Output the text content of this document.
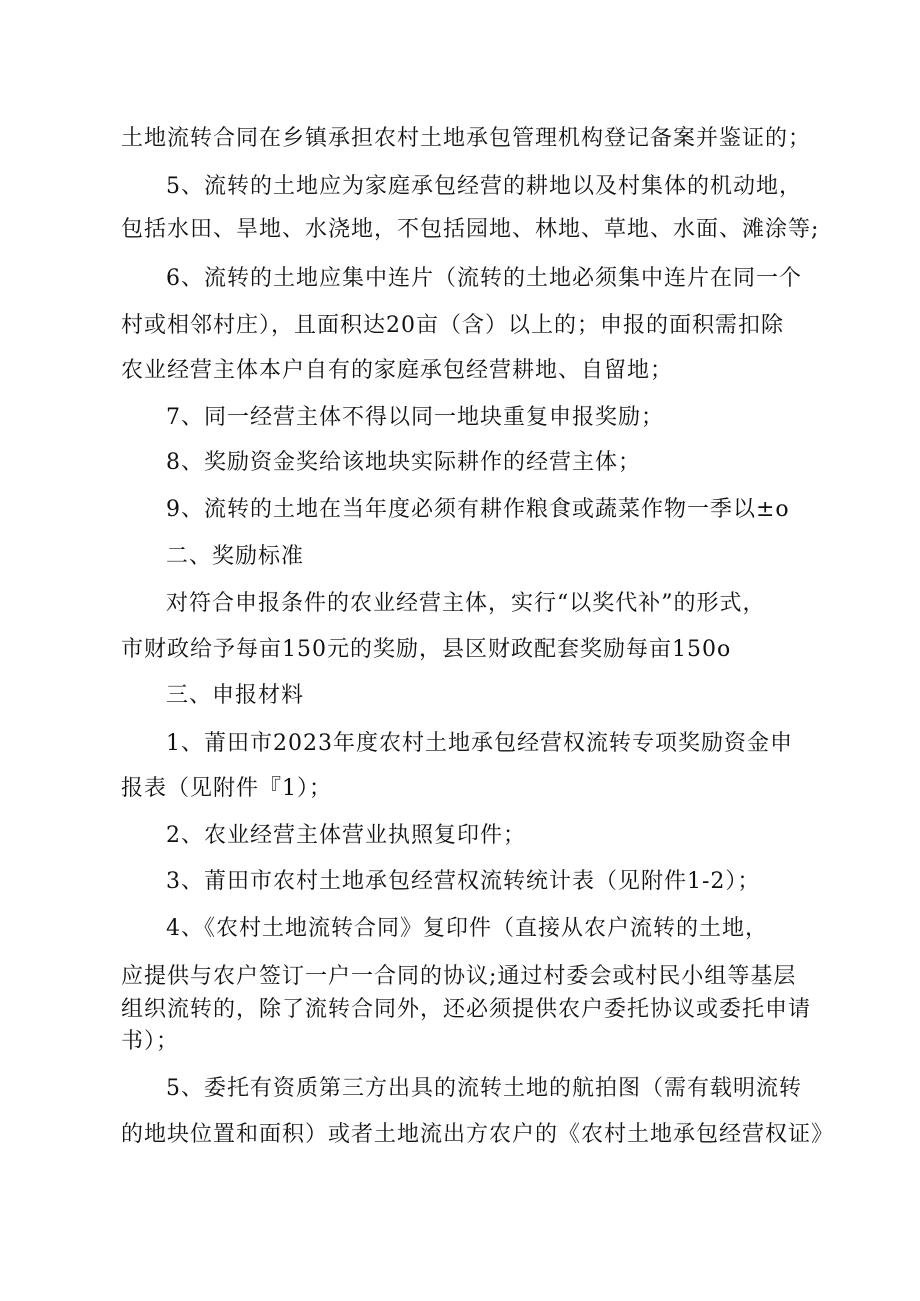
土地流转合同在乡镇承担农村土地承包管理机构登记备案并鉴证的；
5、流转的土地应为家庭承包经营的耕地以及村集体的机动地，
包括水田、旱地、水浇地，不包括园地、林地、草地、水面、滩涂等;
6、流转的土地应集中连片（流转的土地必须集中连片在同一个
村或相邻村庄），且面积达20亩（含）以上的；申报的面积需扣除
农业经营主体本户自有的家庭承包经营耕地、自留地；
7、同一经营主体不得以同一地块重复申报奖励；
8、奖励资金奖给该地块实际耕作的经营主体；
9、流转的土地在当年度必须有耕作粮食或蔬菜作物一季以±o
二、奖励标准
对符合申报条件的农业经营主体，实行“以奖代补”的形式，
市财政给予每亩150元的奖励，县区财政配套奖励每亩150o
三、申报材料
1、莆田市2023年度农村土地承包经营权流转专项奖励资金申
报表（见附件『1）；
2、农业经营主体营业执照复印件；
3、莆田市农村土地承包经营权流转统计表（见附件1-2）；
4、《农村土地流转合同》复印件（直接从农户流转的土地，
应提供与农户签订一户一合同的协议;通过村委会或村民小组等基层
组织流转的，除了流转合同外，还必须提供农户委托协议或委托申请
书）；
5、委托有资质第三方出具的流转土地的航拍图（需有载明流转
的地块位置和面积）或者土地流出方农户的《农村土地承包经营权证》
